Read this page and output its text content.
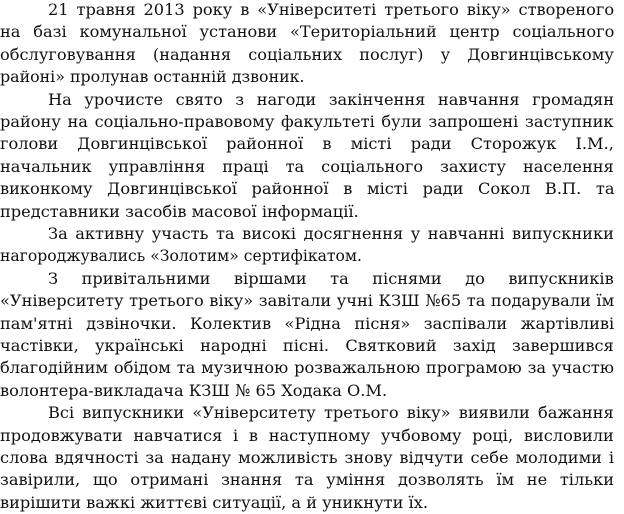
21 травня 2013 року в «Університеті третього віку» створеного
на базі комунальної установи «Територіальний центр соціального
обслуговування (надання соціальних послуг) у Довгинцівському
районі» пролунав останній дзвоник.
На урочисте свято з нагоди закінчення навчання громадян
району на соціально-правовому факультеті були запрошені заступник
голови Довгинцівської районної в місті ради Сторожук І.М.,
начальник управління праці та соціального захисту населення
виконкому Довгинцівської районної в місті ради Сокол В.П. та
представники засобів масової інформації.
За активну участь та високі досягнення у навчанні випускники
нагороджувались «Золотим» сертифікатом.
З привітальними віршами та піснями до випускників
«Університету третього віку» завітали учні КЗШ №65 та подарували їм
пам'ятні дзвіночки. Колектив «Рідна пісня» заспівали жартівливі
частівки, українські народні пісні. Святковий захід завершився
благодійним обідом та музичною розважальною програмою за участю
волонтера-викладача КЗШ № 65 Ходака О.М.
Всі випускники «Університету третього віку» виявили бажання
продовжувати навчатися і в наступному учбовому році, висловили
слова вдячності за надану можливість знову відчути себе молодими і
завірили, що отримані знання та уміння дозволять їм не тільки
вирішити важкі життєві ситуації, а й уникнути їх.
